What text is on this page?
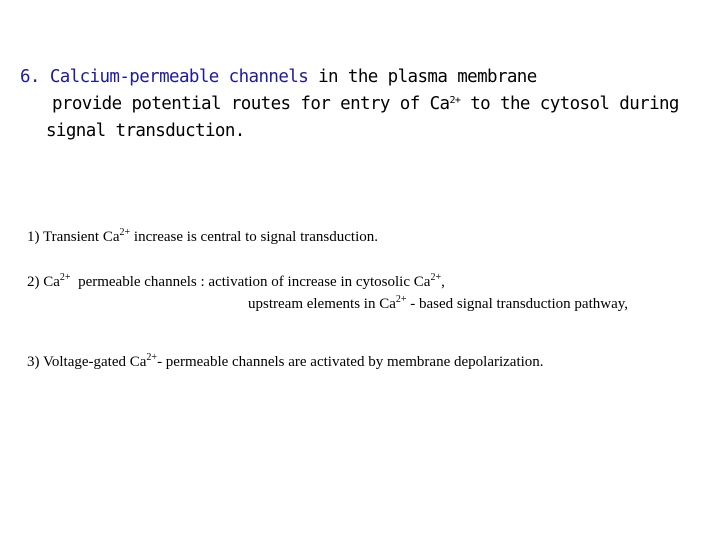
6. Calcium-permeable channels in the plasma membrane
provide potential routes for entry of $Ca^{2+}$ to the cytosol during
signal transduction.
1) Transient $Ca^{2+}$ increase is central to signal transduction.
2) $Ca^{2+}$ permeable channels : activation of increase in cytosolic $Ca^{2+}$,
upstream elements in $Ca^{2+}$ - based signal transduction pathway,
3) Voltage-gated $Ca^{2+}-$ permeable channels are activated by membrane depolarization.
